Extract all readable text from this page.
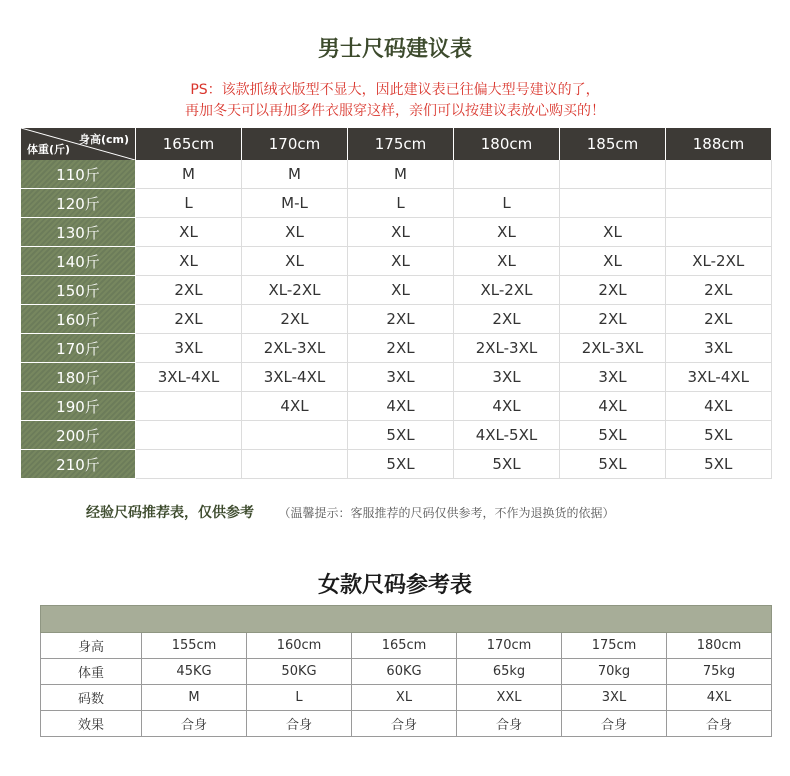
男士尺码建议表
PS：该款抓绒衣版型不显大，因此建议表已往偏大型号建议的了，
再加冬天可以再加多件衣服穿这样，亲们可以按建议表放心购买的！
身高(cm)
体重(斤)	165cm	170cm	175cm	180cm	185cm	188cm
110斤	M	M	M			
120斤	L	M-L	L	L		
130斤	XL	XL	XL	XL	XL	
140斤	XL	XL	XL	XL	XL	XL-2XL
150斤	2XL	XL-2XL	XL	XL-2XL	2XL	2XL
160斤	2XL	2XL	2XL	2XL	2XL	2XL
170斤	3XL	2XL-3XL	2XL	2XL-3XL	2XL-3XL	3XL
180斤	3XL-4XL	3XL-4XL	3XL	3XL	3XL	3XL-4XL
190斤		4XL	4XL	4XL	4XL	4XL
200斤			5XL	4XL-5XL	5XL	5XL
210斤			5XL	5XL	5XL	5XL
经验尺码推荐表，仅供参考 （温馨提示：客服推荐的尺码仅供参考，不作为退换货的依据）
女款尺码参考表

身高	155cm	160cm	165cm	170cm	175cm	180cm
体重	45KG	50KG	60KG	65kg	70kg	75kg
码数	M	L	XL	XXL	3XL	4XL
效果	合身	合身	合身	合身	合身	合身
